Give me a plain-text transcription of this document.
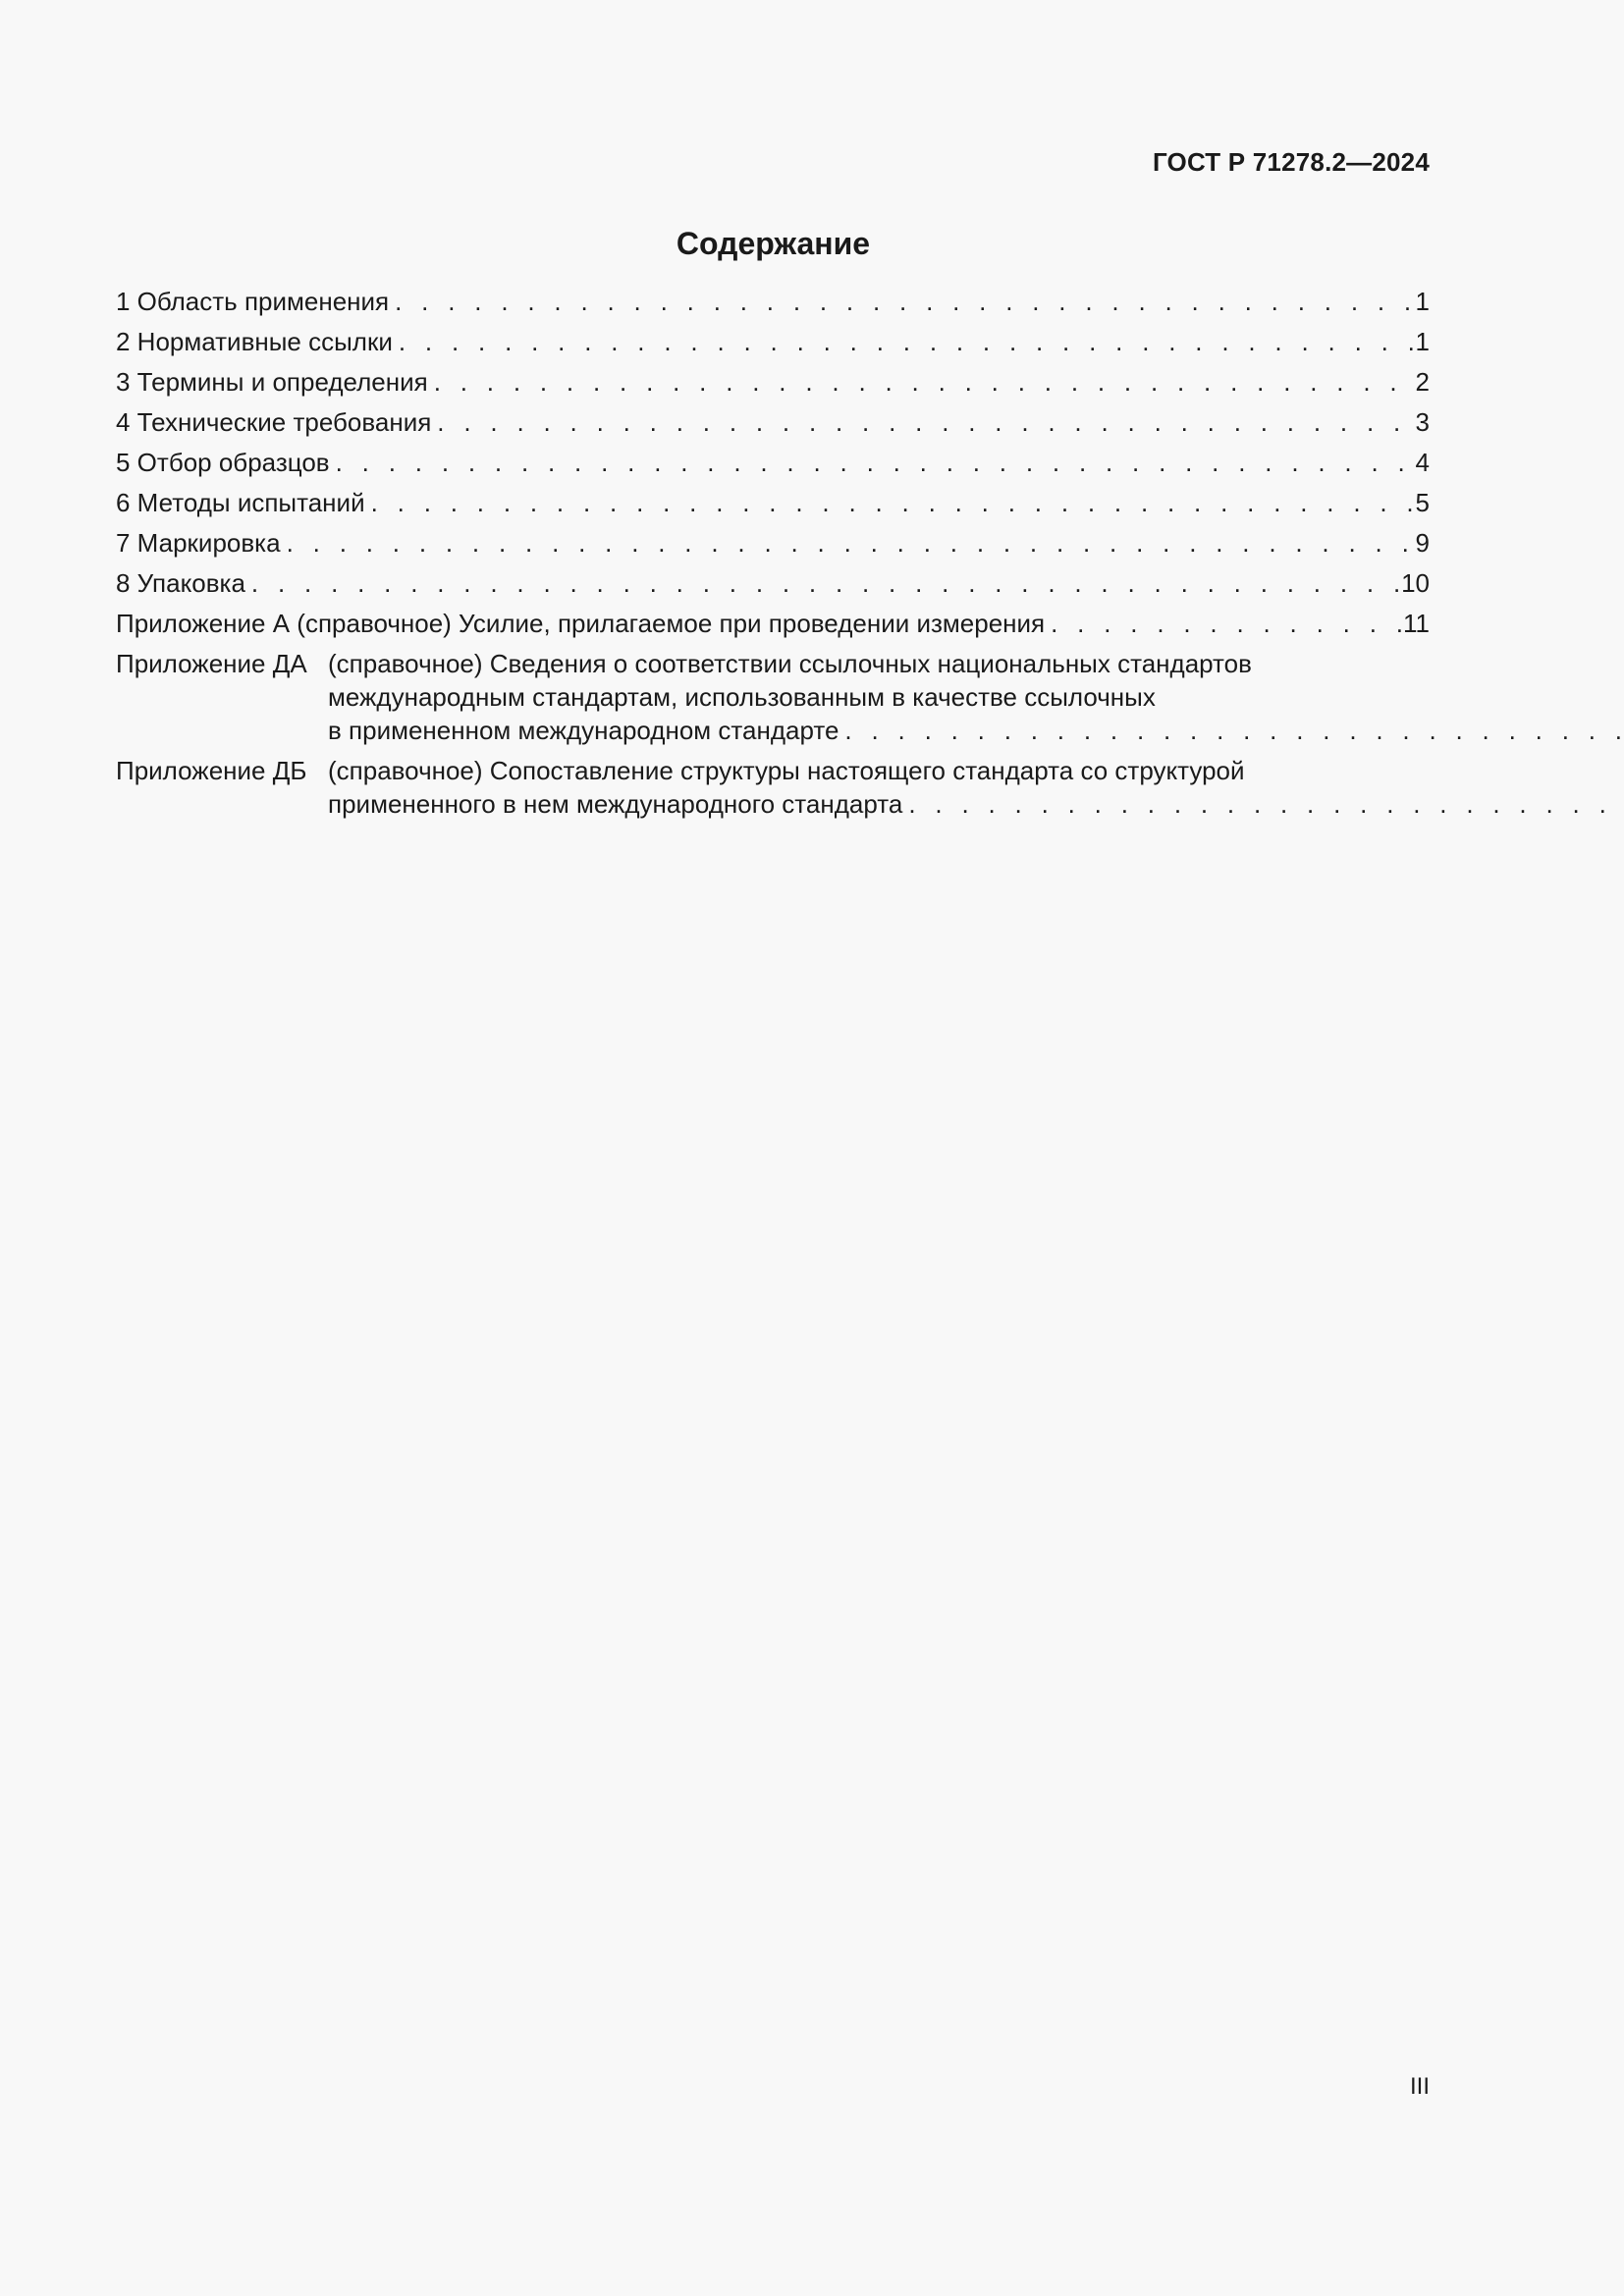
ГОСТ Р 71278.2—2024
Содержание
1 Область применения . . .	1
2 Нормативные ссылки . . .	1
3 Термины и определения . . .	2
4 Технические требования . . .	3
5 Отбор образцов . . .	4
6 Методы испытаний . . .	5
7 Маркировка . . .	9
8 Упаковка . . .	10
Приложение А (справочное) Усилие, прилагаемое при проведении измерения . . .	11
Приложение ДА (справочное) Сведения о соответствии ссылочных национальных стандартов
международным стандартам, использованным в качестве ссылочных
в примененном международном стандарте
. . .
Приложение ДБ (справочное) Сопоставление структуры настоящего стандарта со структурой
примененного в нем международного стандарта
. . .
III
